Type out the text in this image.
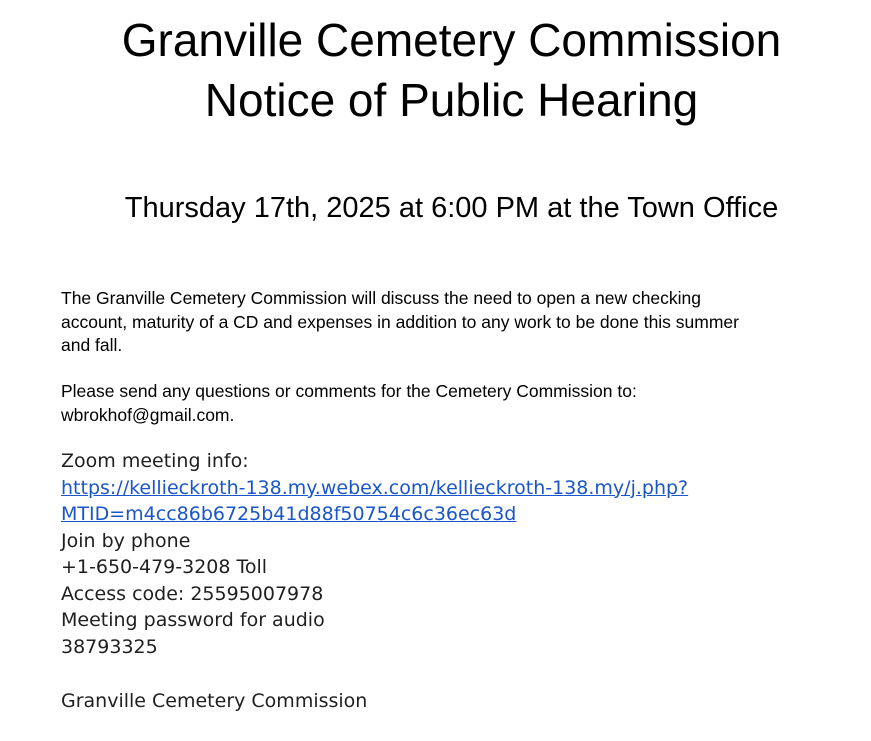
Granville Cemetery Commission
Notice of Public Hearing
Thursday 17th, 2025 at 6:00 PM at the Town Office
The Granville Cemetery Commission will discuss the need to open a new checking
account, maturity of a CD and expenses in addition to any work to be done this summer
and fall.
Please send any questions or comments for the Cemetery Commission to:
wbrokhof@gmail.com.
Zoom meeting info:
https://kellieckroth-138.my.webex.com/kellieckroth-138.my/j.php?
MTID=m4cc86b6725b41d88f50754c6c36ec63d
Join by phone
+1-650-479-3208 Toll
Access code: 25595007978
Meeting password for audio
38793325
Granville Cemetery Commission
